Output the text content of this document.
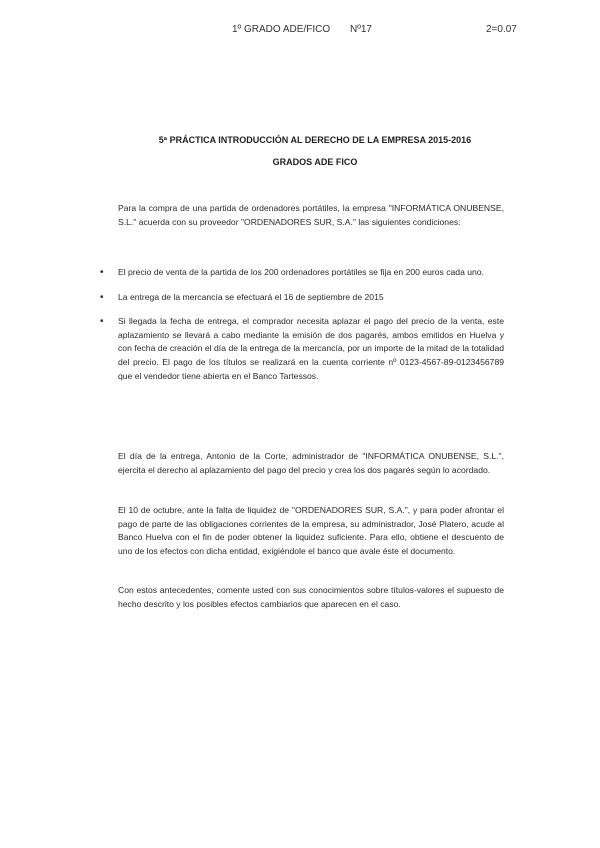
1º GRADO ADE/FICO Nº17	2=0.07
5ª PRÁCTICA INTRODUCCIÓN AL DERECHO DE LA EMPRESA 2015-2016
GRADOS ADE FICO
Para la compra de una partida de ordenadores portátiles, la empresa "INFORMÁTICA ONUBENSE, S.L." acuerda con su proveedor "ORDENADORES SUR, S.A." las siguientes condiciones:
• El precio de venta de la partida de los 200 ordenadores portátiles se fija en 200 euros cada uno.
• La entrega de la mercancía se efectuará el 16 de septiembre de 2015
• Si llegada la fecha de entrega, el comprador necesita aplazar el pago del precio de la venta, este aplazamiento se llevará a cabo mediante la emisión de dos pagarés, ambos emitidos en Huelva y con fecha de creación el día de la entrega de la mercancía, por un importe de la mitad de la totalidad del precio. El pago de los títulos se realizará en la cuenta corriente nº 0123-4567-89-0123456789 que el vendedor tiene abierta en el Banco Tartessos.
El día de la entrega, Antonio de la Corte, administrador de "INFORMÁTICA ONUBENSE, S.L.", ejercita el derecho al aplazamiento del pago del precio y crea los dos pagarés según lo acordado.
El 10 de octubre, ante la falta de liquidez de "ORDENADORES SUR, S.A.", y para poder afrontar el pago de parte de las obligaciones corrientes de la empresa, su administrador, José Platero, acude al Banco Huelva con el fin de poder obtener la liquidez suficiente. Para ello, obtiene el descuento de uno de los efectos con dicha entidad, exigiéndole el banco que avale éste el documento.
Con estos antecedentes, comente usted con sus conocimientos sobre títulos-valores el supuesto de hecho descrito y los posibles efectos cambiarios que aparecen en el caso.
